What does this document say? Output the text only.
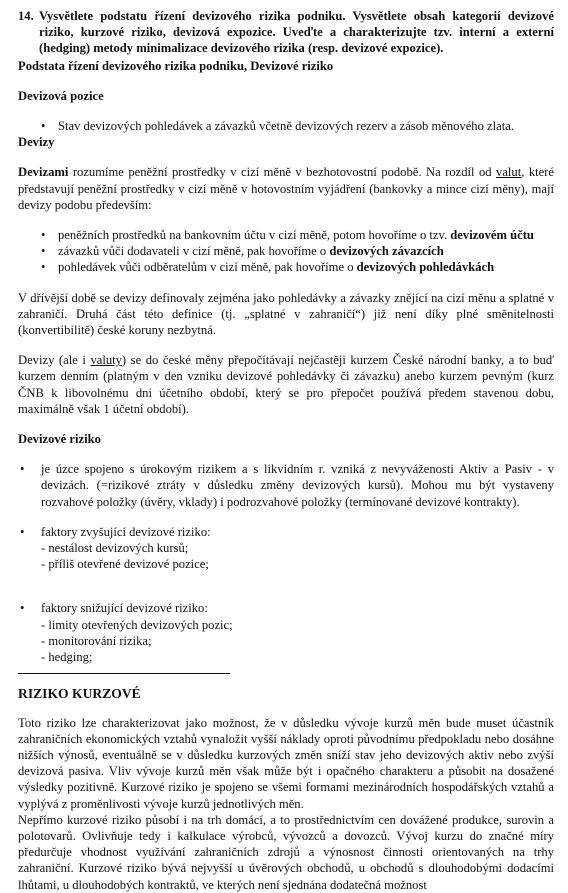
14. Vysvětlete podstatu řízení devizového rizika podniku. Vysvětlete obsah kategorií devizové riziko, kurzové riziko, devizová expozice. Uveďte a charakterizujte tzv. interní a externí (hedging) metody minimalizace devizového rizika (resp. devizové expozice).

Podstata řízení devizového rizika podniku, Devizové riziko

Devizová pozice

• Stav devizových pohledávek a závazků včetně devizových rezerv a zásob měnového zlata.

Devizy

Devizami rozumíme peněžní prostředky v cizí měně v bezhotovostní podobě. Na rozdíl od valut, které představují peněžní prostředky v cizí měně v hotovostním vyjádření (bankovky a mince cizí měny), mají devizy podobu především:

• peněžních prostředků na bankovním účtu v cizí měně, potom hovoříme o tzv. devizovém účtu
• závazků vůči dodavateli v cizí měně, pak hovoříme o devizových závazcích
• pohledávek vůči odběratelům v cizí měně, pak hovoříme o devizových pohledávkách

V dřívější době se devizy definovaly zejména jako pohledávky a závazky znějící na cizí měnu a splatné v zahraničí. Druhá část této definice (tj. „splatné v zahraničí“) již není díky plné směnitelnosti (konvertibilitě) české koruny nezbytná.

Devizy (ale i valuty) se do české měny přepočítávají nejčastěji kurzem České národní banky, a to buď kurzem denním (platným v den vzniku devizové pohledávky či závazku) anebo kurzem pevným (kurz ČNB k libovolnému dni účetního období, který se pro přepočet používá předem stavenou dobu, maximálně však 1 účetní období).

Devizové riziko

• je úzce spojeno s úrokovým rizikem a s likvidním r. vzniká z nevyváženosti Aktiv a Pasiv - v devizách. (=rizikové ztráty v důsledku změny devizových kursů). Mohou mu být vystaveny rozvahové položky (úvěry, vklady) i podrozvahové položky (termínované devizové kontrakty).
• faktory zvyšující devizové riziko:
- nestálost devizových kursů;
- příliš otevřené devizové pozice;
• faktory snižující devizové riziko:
- limity otevřených devizových pozic;
- monitorování rizika;
- hedging;

RIZIKO KURZOVÉ

Toto riziko lze charakterizovat jako možnost, že v důsledku vývoje kurzů měn bude muset účastník zahraničních ekonomických vztahů vynaložit vyšší náklady oproti původnímu předpokladu nebo dosáhne nižších výnosů, eventuálně se v důsledku kurzových změn sníží stav jeho devizových aktiv nebo zvýší devizová pasiva. Vliv vývoje kurzů měn však může být i opačného charakteru a působit na dosažené výsledky pozitivně. Kurzové riziko je spojeno se všemi formami mezinárodních hospodářských vztahů a vyplývá z proměnlivosti vývoje kurzů jednotlivých měn.

Nepřímo kurzové riziko působí i na trh domácí, a to prostřednictvím cen dovážené produkce, surovin a polotovarů. Ovlivňuje tedy i kalkulace výrobců, vývozců a dovozců. Vývoj kurzu do značné míry předurčuje vhodnost využívání zahraničních zdrojů a výnosnost činnosti orientovaných na trhy zahraniční. Kurzové riziko bývá nejvyšší u úvěrových obchodů, u obchodů s dlouhodobými dodacími lhůtami, u dlouhodobých kontraktů, ve kterých není sjednána dodatečná možnost
